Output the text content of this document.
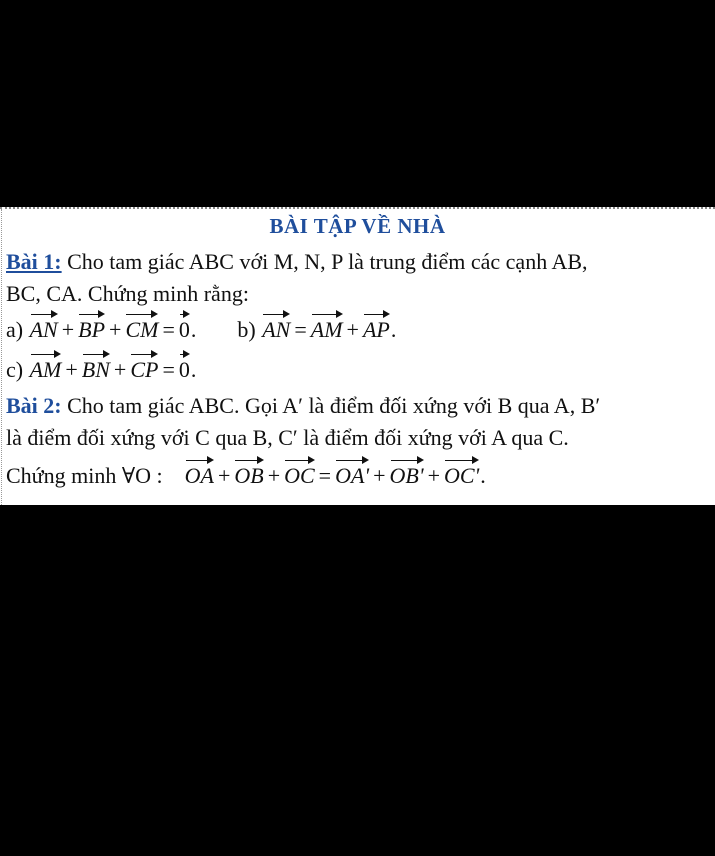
BÀI TẬP VỀ NHÀ
Bài 1: Cho tam giác ABC với M, N, P là trung điểm các cạnh AB,
BC, CA. Chứng minh rằng:
a) AN + BP + CM = 0. b) AN = AM + AP.
c) AM + BN + CP = 0.
Bài 2: Cho tam giác ABC. Gọi A′ là điểm đối xứng với B qua A, B′
là điểm đối xứng với C qua B, C′ là điểm đối xứng với A qua C.
Chứng minh ∀O : OA + OB + OC = OA' + OB' + OC'.
